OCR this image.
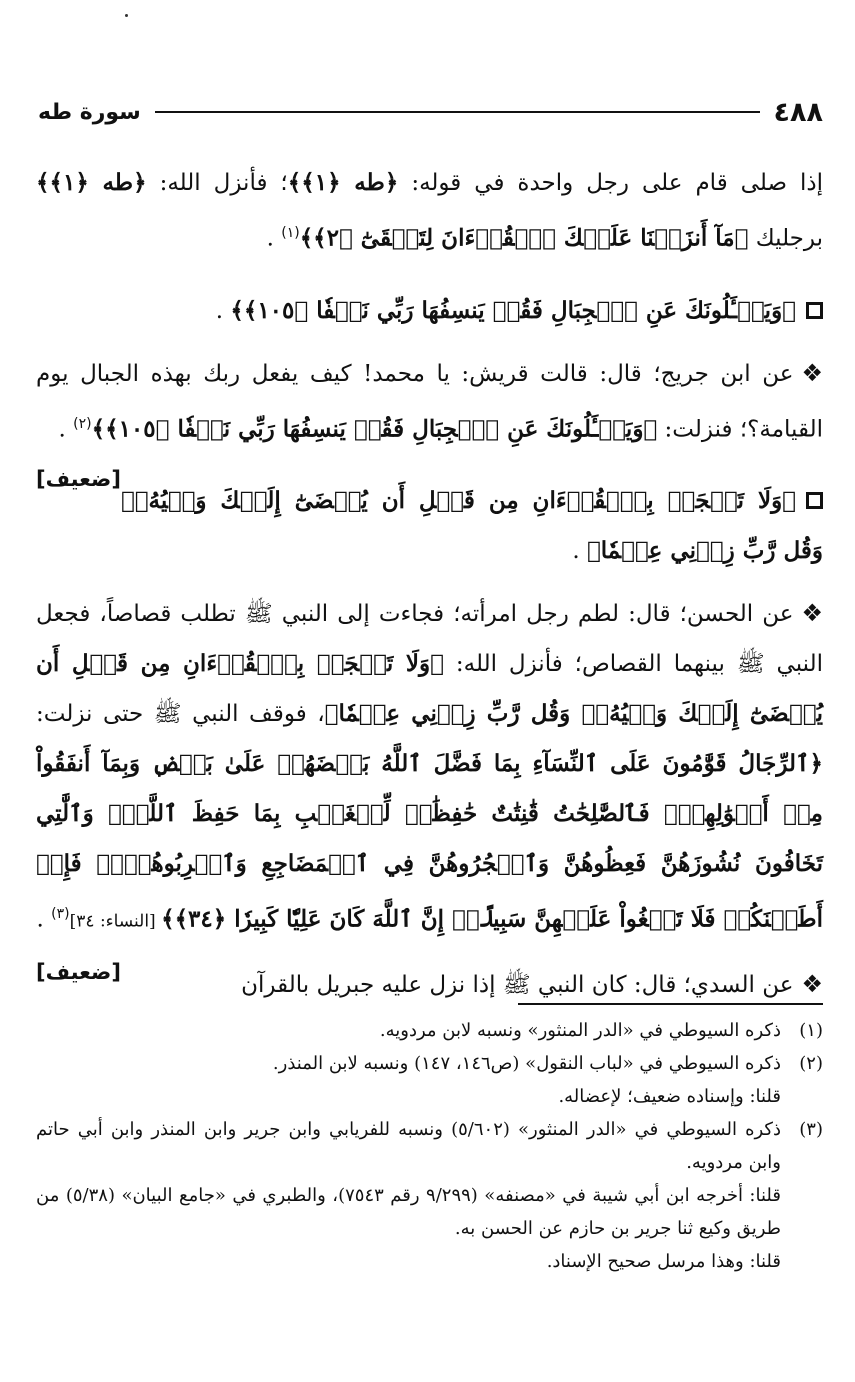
٤٨٨
سورة طه

إذا صلى قام على رجل واحدة في قوله: ﴿طه ﴿١﴾﴾؛ فأنزل الله: ﴿طه ﴿١﴾﴾ برجليك ﴿مَآ أَنزَلۡنَا عَلَيۡكَ ٱلۡقُرۡءَانَ لِتَشۡقَىٰٓ ﴿٢﴾﴾$^{(١)}$ .

﴿وَيَسۡـَٔلُونَكَ عَنِ ٱلۡجِبَالِ فَقُلۡ يَنسِفُهَا رَبِّي نَسۡفٗا ﴿١٠٥﴾﴾ .

❖عن ابن جريج؛ قال: قالت قريش: يا محمد! كيف يفعل ربك بهذه الجبال يوم القيامة؟؛ فنزلت: ﴿وَيَسۡـَٔلُونَكَ عَنِ ٱلۡجِبَالِ فَقُلۡ يَنسِفُهَا رَبِّي نَسۡفٗا ﴿١٠٥﴾﴾$^{(٢)}$ .
[ضعيف]

﴿وَلَا تَعۡجَلۡ بِٱلۡقُرۡءَانِ مِن قَبۡلِ أَن يُقۡضَىٰٓ إِلَيۡكَ وَحۡيُهُۥۖ وَقُل رَّبِّ زِدۡنِي عِلۡمٗا﴾ .

❖عن الحسن؛ قال: لطم رجل امرأته؛ فجاءت إلى النبي ﷺ تطلب قصاصاً، فجعل النبي ﷺ بينهما القصاص؛ فأنزل الله: ﴿وَلَا تَعۡجَلۡ بِٱلۡقُرۡءَانِ مِن قَبۡلِ أَن يُقۡضَىٰٓ إِلَيۡكَ وَحۡيُهُۥۖ وَقُل رَّبِّ زِدۡنِي عِلۡمٗا﴾، فوقف النبي ﷺ حتى نزلت: ﴿ٱلرِّجَالُ قَوَّٰمُونَ عَلَى ٱلنِّسَآءِ بِمَا فَضَّلَ ٱللَّهُ بَعۡضَهُمۡ عَلَىٰ بَعۡضٖ وَبِمَآ أَنفَقُواْ مِنۡ أَمۡوَٰلِهِمۡۚ فَٱلصَّٰلِحَٰتُ قَٰنِتَٰتٌ حَٰفِظَٰتٞ لِّلۡغَيۡبِ بِمَا حَفِظَ ٱللَّهُۚ وَٱلَّٰتِي تَخَافُونَ نُشُوزَهُنَّ فَعِظُوهُنَّ وَٱهۡجُرُوهُنَّ فِي ٱلۡمَضَاجِعِ وَٱضۡرِبُوهُنَّۖ فَإِنۡ أَطَعۡنَكُمۡ فَلَا تَبۡغُواْ عَلَيۡهِنَّ سَبِيلًاۗ إِنَّ ٱللَّهَ كَانَ عَلِيّٗا كَبِيرٗا ﴿٣٤﴾﴾ [النساء: ٣٤]$^{(٣)}$ .
[ضعيف]	❖عن السدي؛ قال: كان النبي ﷺ إذا نزل عليه جبريل بالقرآن

(١)

ذكره السيوطي في «الدر المنثور» ونسبه لابن مردويه.

(٢)

ذكره السيوطي في «لباب النقول» (ص١٤٦، ١٤٧) ونسبه لابن المنذر.

قلنا: وإسناده ضعيف؛ لإعضاله.

(٣)

ذكره السيوطي في «الدر المنثور» (٥/٦٠٢) ونسبه للفريابي وابن جرير وابن المنذر وابن أبي حاتم وابن مردويه.

قلنا: أخرجه ابن أبي شيبة في «مصنفه» (٩/٢٩٩ رقم ٧٥٤٣)، والطبري في «جامع البيان» (٥/٣٨) من طريق وكيع ثنا جرير بن حازم عن الحسن به.

قلنا: وهذا مرسل صحيح الإسناد.
